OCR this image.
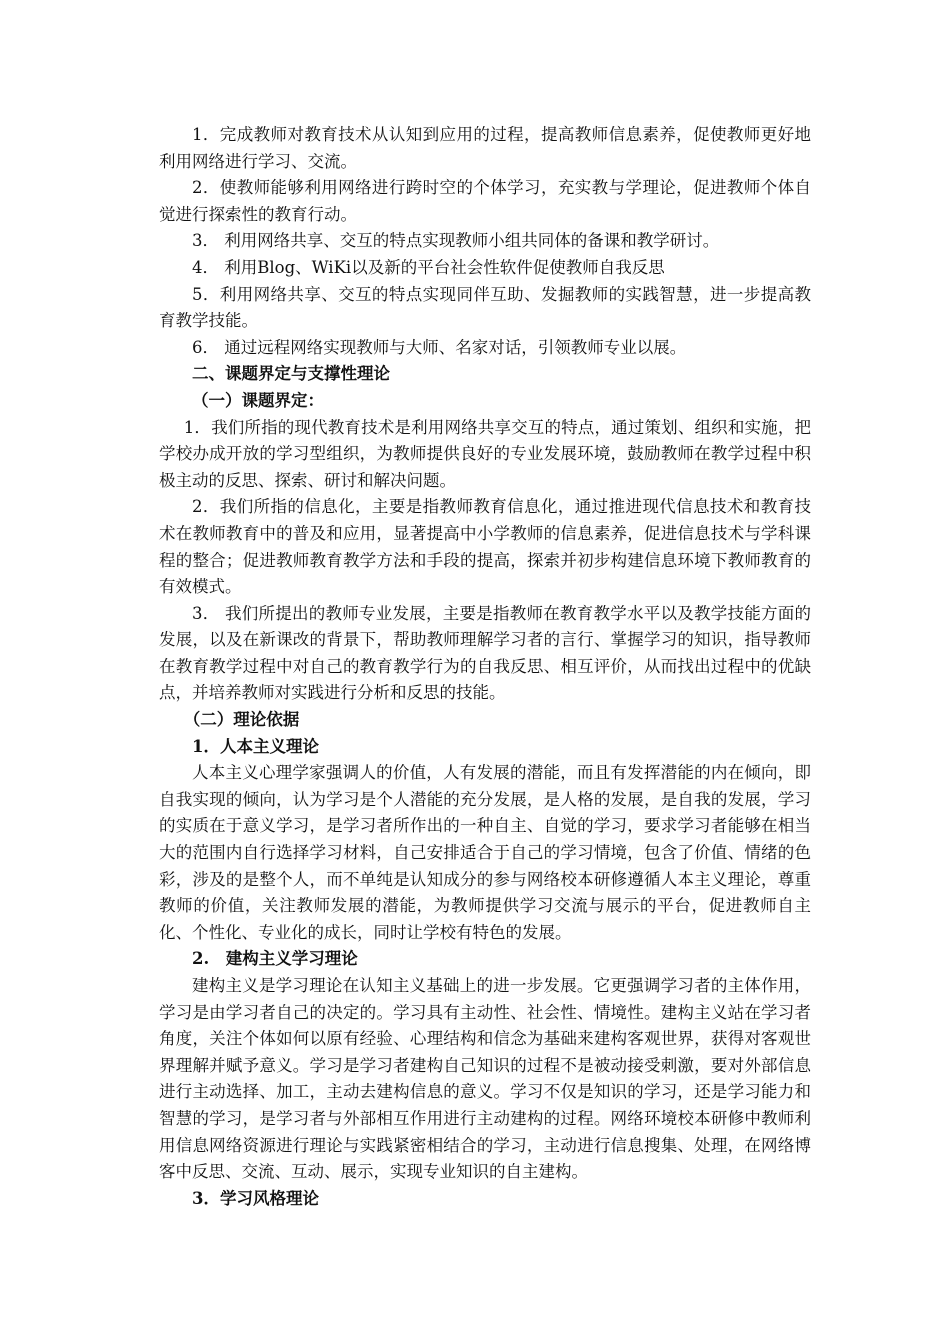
1．完成教师对教育技术从认知到应用的过程，提高教师信息素养，促使教师更好地利用网络进行学习、交流。

2．使教师能够利用网络进行跨时空的个体学习，充实教与学理论，促进教师个体自觉进行探索性的教育行动。

3． 利用网络共享、交互的特点实现教师小组共同体的备课和教学研讨。

4． 利用Blog、WiKi以及新的平台社会性软件促使教师自我反思

5．利用网络共享、交互的特点实现同伴互助、发掘教师的实践智慧，进一步提高教育教学技能。

6． 通过远程网络实现教师与大师、名家对话，引领教师专业以展。

二、课题界定与支撑性理论

（一）课题界定：

1．我们所指的现代教育技术是利用网络共享交互的特点，通过策划、组织和实施，把学校办成开放的学习型组织，为教师提供良好的专业发展环境，鼓励教师在教学过程中积极主动的反思、探索、研讨和解决问题。

2．我们所指的信息化，主要是指教师教育信息化，通过推进现代信息技术和教育技术在教师教育中的普及和应用，显著提高中小学教师的信息素养，促进信息技术与学科课程的整合；促进教师教育教学方法和手段的提高，探索并初步构建信息环境下教师教育的有效模式。

3． 我们所提出的教师专业发展，主要是指教师在教育教学水平以及教学技能方面的发展，以及在新课改的背景下，帮助教师理解学习者的言行、掌握学习的知识，指导教师在教育教学过程中对自己的教育教学行为的自我反思、相互评价，从而找出过程中的优缺点，并培养教师对实践进行分析和反思的技能。

（二）理论依据

1．人本主义理论

人本主义心理学家强调人的价值，人有发展的潜能，而且有发挥潜能的内在倾向，即自我实现的倾向，认为学习是个人潜能的充分发展，是人格的发展，是自我的发展，学习的实质在于意义学习，是学习者所作出的一种自主、自觉的学习，要求学习者能够在相当大的范围内自行选择学习材料，自己安排适合于自己的学习情境，包含了价值、情绪的色彩，涉及的是整个人，而不单纯是认知成分的参与网络校本研修遵循人本主义理论，尊重教师的价值，关注教师发展的潜能，为教师提供学习交流与展示的平台，促进教师自主化、个性化、专业化的成长，同时让学校有特色的发展。

2.　建构主义学习理论

建构主义是学习理论在认知主义基础上的进一步发展。它更强调学习者的主体作用，学习是由学习者自己的决定的。学习具有主动性、社会性、情境性。建构主义站在学习者角度，关注个体如何以原有经验、心理结构和信念为基础来建构客观世界，获得对客观世界理解并赋予意义。学习是学习者建构自己知识的过程不是被动接受刺激，要对外部信息进行主动选择、加工，主动去建构信息的意义。学习不仅是知识的学习，还是学习能力和智慧的学习，是学习者与外部相互作用进行主动建构的过程。网络环境校本研修中教师利用信息网络资源进行理论与实践紧密相结合的学习，主动进行信息搜集、处理，在网络博客中反思、交流、互动、展示，实现专业知识的自主建构。

3．学习风格理论
